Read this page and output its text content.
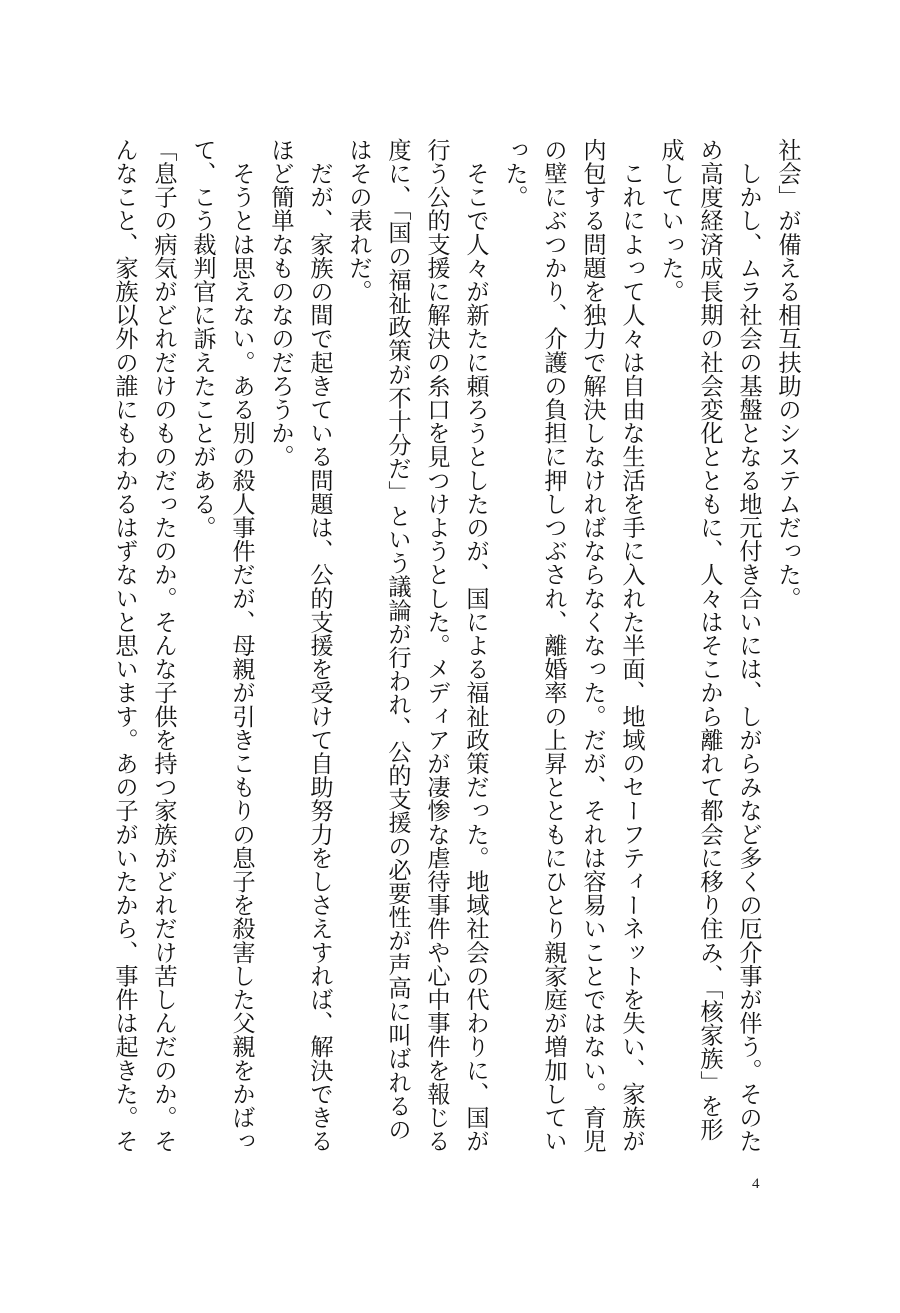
社会」が備える相互扶助のシステムだった。
　しかし、ムラ社会の基盤となる地元付き合いには、しがらみなど多くの厄介事が伴う。そのた
め高度経済成長期の社会変化とともに、人々はそこから離れて都会に移り住み、「核家族」を形
成していった。
　これによって人々は自由な生活を手に入れた半面、地域のセーフティーネットを失い、家族が
内包する問題を独力で解決しなければならなくなった。だが、それは容易いことではない。育児
の壁にぶつかり、介護の負担に押しつぶされ、離婚率の上昇とともにひとり親家庭が増加してい
った。
　そこで人々が新たに頼ろうとしたのが、国による福祉政策だった。地域社会の代わりに、国が
行う公的支援に解決の糸口を見つけようとした。メディアが凄惨な虐待事件や心中事件を報じる
度に、「国の福祉政策が不十分だ」という議論が行われ、公的支援の必要性が声高に叫ばれるの
はその表れだ。
　だが、家族の間で起きている問題は、公的支援を受けて自助努力をしさえすれば、解決できる
ほど簡単なものなのだろうか。
　そうとは思えない。ある別の殺人事件だが、母親が引きこもりの息子を殺害した父親をかばっ
て、こう裁判官に訴えたことがある。
「息子の病気がどれだけのものだったのか。そんな子供を持つ家族がどれだけ苦しんだのか。そ
んなこと、家族以外の誰にもわかるはずないと思います。あの子がいたから、事件は起きた。そ
4
